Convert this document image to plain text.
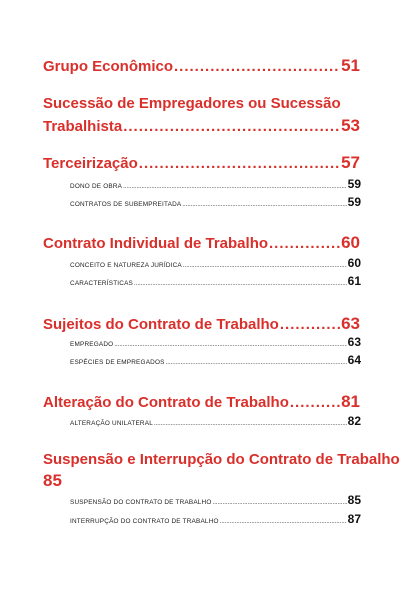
Grupo Econômico .....	51
Sucessão de Empregadores ou Sucessão
Trabalhista .....	53
Terceirização .....	57
DONO DE OBRA .....	59
CONTRATOS DE SUBEMPREITADA .....	59
Contrato Individual de Trabalho .....	60
CONCEITO E NATUREZA JURÍDICA .....	60
CARACTERÍSTICAS .....	61
Sujeitos do Contrato de Trabalho .....	63
EMPREGADO .....	63
ESPÉCIES DE EMPREGADOS .....	64
Alteração do Contrato de Trabalho .....	81
ALTERAÇÃO UNILATERAL .....	82
Suspensão e Interrupção do Contrato de Trabalho
85
SUSPENSÃO DO CONTRATO DE TRABALHO .....	85
INTERRUPÇÃO DO CONTRATO DE TRABALHO .....	87
